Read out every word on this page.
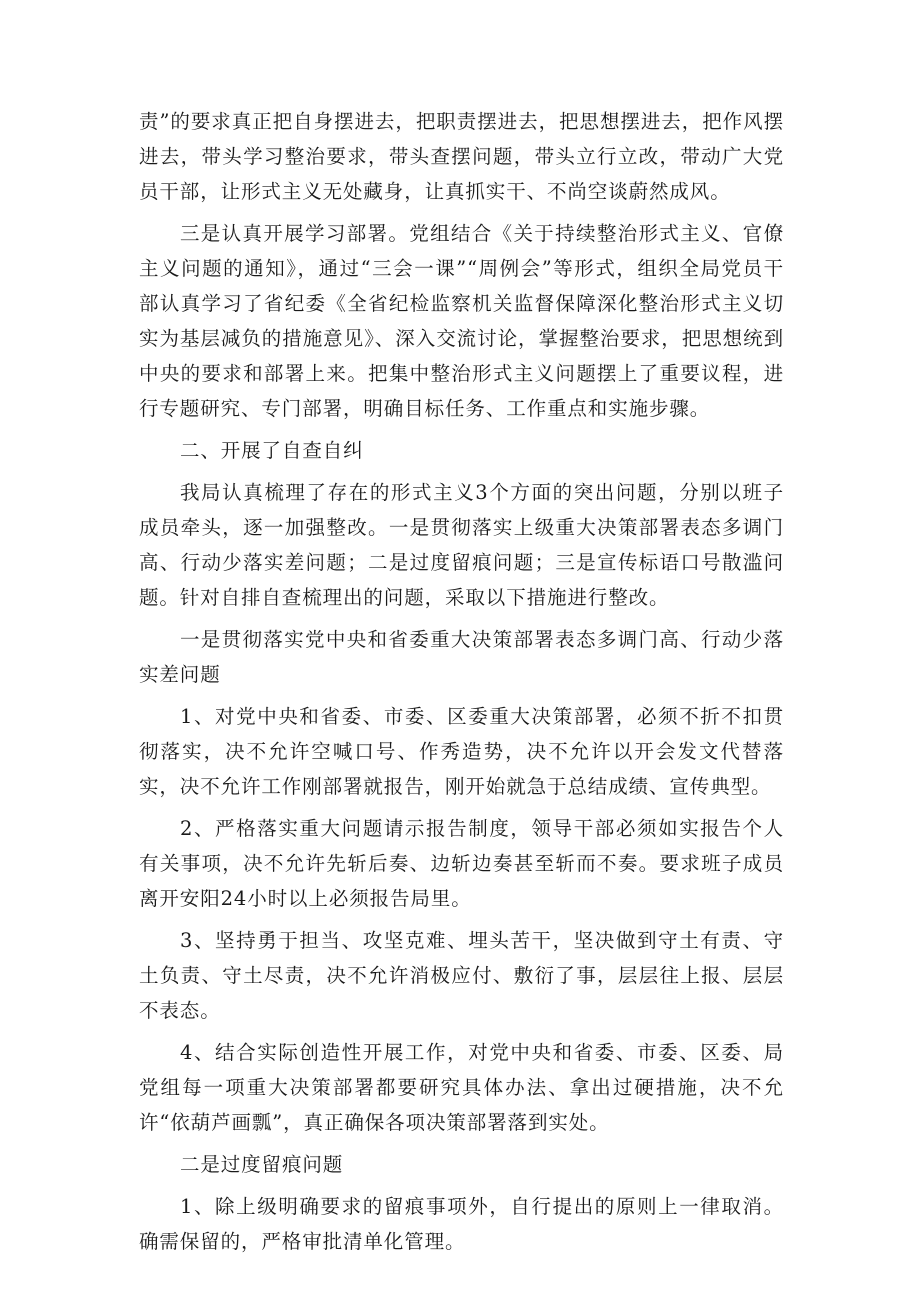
责”的要求真正把自身摆进去，把职责摆进去，把思想摆进去，把作风摆进去，带头学习整治要求，带头查摆问题，带头立行立改，带动广大党员干部，让形式主义无处藏身，让真抓实干、不尚空谈蔚然成风。

三是认真开展学习部署。党组结合《关于持续整治形式主义、官僚主义问题的通知》，通过“三会一课”“周例会”等形式，组织全局党员干部认真学习了省纪委《全省纪检监察机关监督保障深化整治形式主义切实为基层减负的措施意见》、深入交流讨论，掌握整治要求，把思想统到中央的要求和部署上来。把集中整治形式主义问题摆上了重要议程，进行专题研究、专门部署，明确目标任务、工作重点和实施步骤。

二、开展了自查自纠

我局认真梳理了存在的形式主义3个方面的突出问题，分别以班子成员牵头，逐一加强整改。一是贯彻落实上级重大决策部署表态多调门高、行动少落实差问题；二是过度留痕问题；三是宣传标语口号散滥问题。针对自排自查梳理出的问题，采取以下措施进行整改。

一是贯彻落实党中央和省委重大决策部署表态多调门高、行动少落实差问题

1、对党中央和省委、市委、区委重大决策部署，必须不折不扣贯彻落实，决不允许空喊口号、作秀造势，决不允许以开会发文代替落实，决不允许工作刚部署就报告，刚开始就急于总结成绩、宣传典型。

2、严格落实重大问题请示报告制度，领导干部必须如实报告个人有关事项，决不允许先斩后奏、边斩边奏甚至斩而不奏。要求班子成员离开安阳24小时以上必须报告局里。

3、坚持勇于担当、攻坚克难、埋头苦干，坚决做到守土有责、守土负责、守土尽责，决不允许消极应付、敷衍了事，层层往上报、层层不表态。

4、结合实际创造性开展工作，对党中央和省委、市委、区委、局党组每一项重大决策部署都要研究具体办法、拿出过硬措施，决不允许“依葫芦画瓢”，真正确保各项决策部署落到实处。

二是过度留痕问题

1、除上级明确要求的留痕事项外，自行提出的原则上一律取消。确需保留的，严格审批清单化管理。
